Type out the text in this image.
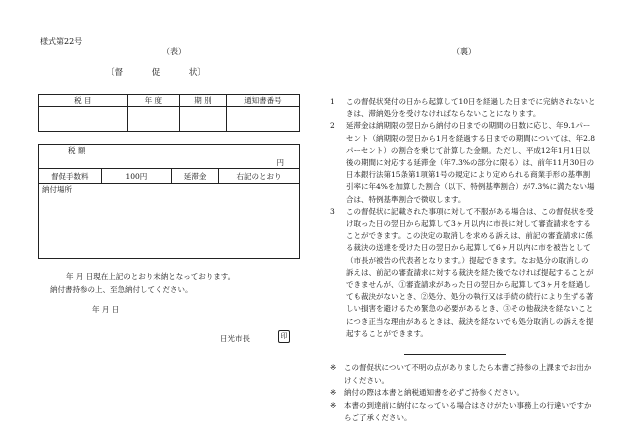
様式第22号
（表）	（裏）
〔督 促 状〕
税 目	年 度	期 別	通知書番号

税 額
円

督促手数料	100円	延滞金	右記のとおり
納付場所
年 月 日現在上記のとおり未納となっております。
納付書持参の上、至急納付してください。
年 月 日
日光市長	印
1	この督促状発付の日から起算して10日を経過した日までに完納されないときは、滞納処分を受けなければならないことになります。
2	延滞金は納期限の翌日から納付の日までの期間の日数に応じ、年9.1パーセント（納期限の翌日から1月を経過する日までの期間については、年2.8パーセント）の割合を乗じて計算した金額。ただし、平成12年1月1日以後の期間に対応する延滞金（年7.3%の部分に限る）は、前年11月30日の日本銀行法第15条第1項第1号の規定により定められる商業手形の基準割引率に年4%を加算した割合（以下、特例基準割合）が7.3%に満たない場合は、特例基準割合で徴収します。
3	この督促状に記載された事項に対して不服がある場合は、この督促状を受け取った日の翌日から起算して3ヶ月以内に市長に対して審査請求をすることができます。この決定の取消しを求める訴えは、前記の審査請求に係る裁決の送達を受けた日の翌日から起算して6ヶ月以内に市を被告として（市長が被告の代表者となります。）提起できます。なお処分の取消しの訴えは、前記の審査請求に対する裁決を経た後でなければ提起することができませんが、①審査請求があった日の翌日から起算して3ヶ月を経過しても裁決がないとき、②処分、処分の執行又は手続の続行により生ずる著しい損害を避けるため緊急の必要があるとき、③その他裁決を経ないことにつき正当な理由があるときは、裁決を経ないでも処分取消しの訴えを提起することができます。
※	この督促状について不明の点がありましたら本書ご持参の上課までお出かけください。
※	納付の際は本書と納税通知書を必ずご持参ください。
※	本書の到達前に納付になっている場合はさけがたい事務上の行違いですからご了承ください。
